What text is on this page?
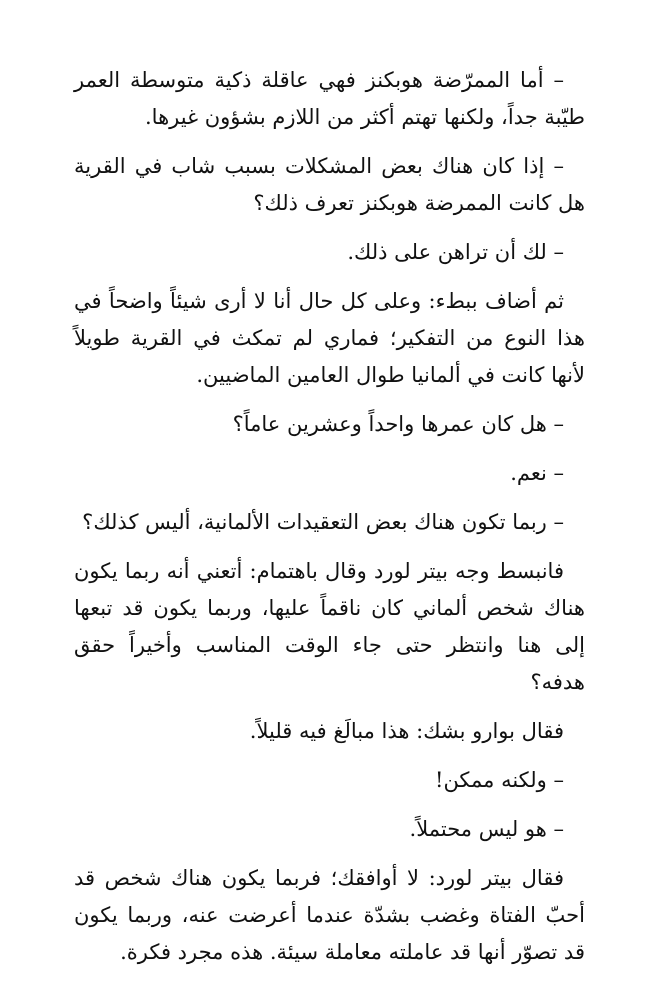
– أما الممرّضة هوبكنز فهي عاقلة ذكية متوسطة العمر طيّبة جداً، ولكنها تهتم أكثر من اللازم بشؤون غيرها.

– إذا كان هناك بعض المشكلات بسبب شاب في القرية هل كانت الممرضة هوبكنز تعرف ذلك؟

– لك أن تراهن على ذلك.

ثم أضاف ببطء: وعلى كل حال أنا لا أرى شيئاً واضحاً في هذا النوع من التفكير؛ فماري لم تمكث في القرية طويلاً لأنها كانت في ألمانيا طوال العامين الماضيين.

– هل كان عمرها واحداً وعشرين عاماً؟

– نعم.

– ربما تكون هناك بعض التعقيدات الألمانية، أليس كذلك؟

فانبسط وجه بيتر لورد وقال باهتمام: أتعني أنه ربما يكون هناك شخص ألماني كان ناقماً عليها، وربما يكون قد تبعها إلى هنا وانتظر حتى جاء الوقت المناسب وأخيراً حقق هدفه؟

فقال بوارو بشك: هذا مبالَغ فيه قليلاً.

– ولكنه ممكن!

– هو ليس محتملاً.

فقال بيتر لورد: لا أوافقك؛ فربما يكون هناك شخص قد أحبّ الفتاة وغضب بشدّة عندما أعرضت عنه، وربما يكون قد تصوّر أنها قد عاملته معاملة سيئة. هذه مجرد فكرة.
